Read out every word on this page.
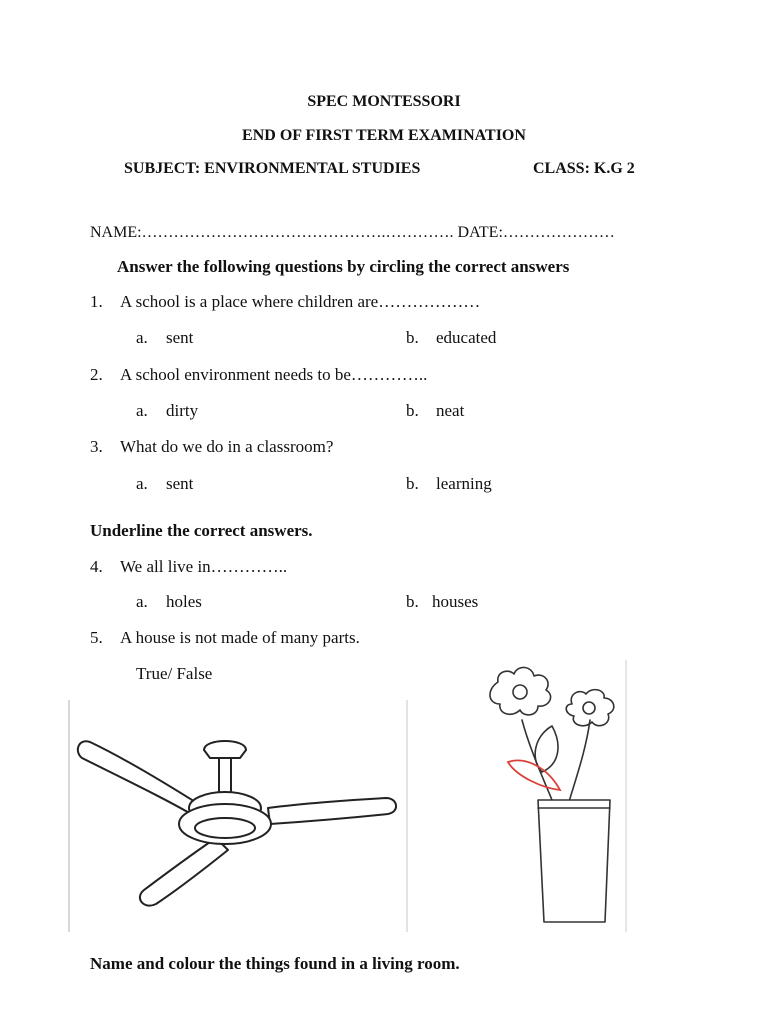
SPEC MONTESSORI
END OF FIRST TERM EXAMINATION
SUBJECT: ENVIRONMENTAL STUDIES	CLASS: K.G 2
NAME:……………………………………….…………. DATE:…………………
Answer the following questions by circling the correct answers
1. A school is a place where children are………………
a. sent	b. educated
2. A school environment needs to be…………..
a. dirty	b. neat
3. What do we do in a classroom?
a. sent	b. learning
Underline the correct answers.
4. We all live in…………..
a. holes	b. houses
5. A house is not made of many parts.
True/ False
Name and colour the things found in a living room.
